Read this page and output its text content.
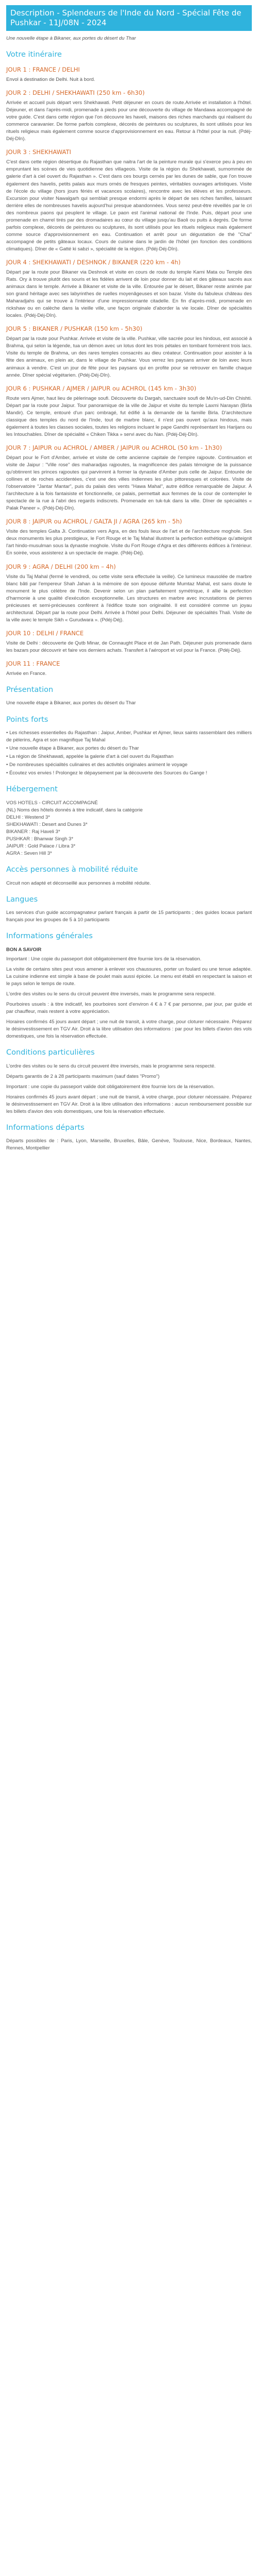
Description - Splendeurs de l'Inde du Nord - Spécial Fête de Pushkar - 11J/08N - 2024

Une nouvelle étape à Bikaner, aux portes du désert du Thar

Votre itinéraire
JOUR 1 : FRANCE / DELHI

Envol à destination de Delhi. Nuit à bord.

JOUR 2 : DELHI / SHEKHAWATI (250 km - 6h30)

Arrivée et accueil puis départ vers Shekhawati. Petit déjeuner en cours de route.Arrivée et installation à l'hôtel. Déjeuner, et dans l'après-midi, promenade à pieds pour une découverte du village de Mandawa accompagné de votre guide. C'est dans cette région que l'on découvre les haveli, maisons des riches marchands qui réalisent du commerce caravanier. De forme parfois complexe, décorés de peintures ou sculptures, ils sont utilisés pour les rituels religieux mais également comme source d'approvisionnement en eau. Retour à l'hôtel pour la nuit. (Pdéj-Déj-Dîn).

JOUR 3 : SHEKHAWATI

C'est dans cette région désertique du Rajasthan que naitra l'art de la peinture murale qui s'exerce peu à peu en empruntant les scènes de vies quotidienne des villageois. Visite de la région du Shekhawati, surnommée de galerie d'art à ciel ouvert du Rajasthan ». C'est dans ces bourgs cernés par les dunes de sable, que l'on trouve également des havelis, petits palais aux murs ornés de fresques peintes, véritables ouvrages artistiques. Visite de l'école du village (hors jours fériés et vacances scolaires), rencontre avec les élèves et les professeurs. Excursion pour visiter Nawalgarh qui semblait presque endormi après le départ de ses riches familles, laissant derrière elles de nombreuses havelis aujourd'hui presque abandonnées. Vous serez peut-être réveillés par le cri des nombreux paons qui peuplent le village. Le paon est l'animal national de l'Inde. Puis, départ pour une promenade en charrel tirés par des dromadaires au cœur du village jusqu'au Baoli ou puits à degrés. De forme parfois complexe, décorés de peintures ou sculptures, ils sont utilisés pour les rituels religieux mais également comme source d'approvisionnement en eau. Continuation et arrêt pour un dégustation de thé "Chai" accompagné de petits gâteaux locaux. Cours de cuisine dans le jardin de l'hôtel (en fonction des conditions climatiques). Dîner de « Gatté ki sabzi », spécialité de la région. (Pdéj-Déj-Dîn).

JOUR 4 : SHEKHAWATI / DESHNOK / BIKANER (220 km - 4h)

Départ par la route pour Bikaner via Deshnok et visite en cours de route du temple Karni Mata ou Temple des Rats. Ory à trouve plutôt des souris et les fidèles arrivent de loin pour donner du lait et des gâteaux sacrés aux animaux dans le temple. Arrivée à Bikaner et visite de la ville. Entourée par le désert, Bikaner reste animée par son grand héritage avec ses labyrinthes de ruelles moyenâgeuses et son bazar. Visite du fabuleux château des Maharadjahs qui se trouve à l'intérieur d'une impressionnante citadelle. En fin d'après-midi, promenade en rickshaw ou en calèche dans la vieille ville, une façon originale d'aborder la vie locale. Dîner de spécialités locales. (Pdéj-Déj-Dîn).

JOUR 5 : BIKANER / PUSHKAR (150 km - 5h30)

Départ par la route pour Pushkar. Arrivée et visite de la ville. Pushkar, ville sacrée pour les hindous, est associé à Brahma, qui selon la légende, tua un démon avec un lotus dont les trois pétales en tombant formèrent trois lacs. Visite du temple de Brahma, un des rares temples consacrés au dieu créateur. Continuation pour assister à la fête des animaux, en plein air, dans le village de Pushkar. Vous verrez les paysans arriver de loin avec leurs animaux à vendre. C'est un jour de fête pour les paysans qui en profite pour se retrouver en famille chaque année. Dîner spécial végétarien. (Pdéj-Déj-Dîn).

JOUR 6 : PUSHKAR / AJMER / JAIPUR ou ACHROL (145 km - 3h30)

Route vers Ajmer, haut lieu de pèlerinage soufi. Découverte du Dargah, sanctuaire soufi de Mu'in-ud-Din Chishti. Départ par la route pour Jaipur. Tour panoramique de la ville de Jaipur et visite du temple Laxmi Narayan (Birla Mandir). Ce temple, entouré d'un parc ombragé, fut édifié à la demande de la famille Birla. D'architecture classique des temples du nord de l'Inde, tout de marbre blanc, il n'est pas ouvert qu'aux hindous, mais également à toutes les classes sociales, toutes les religions incluant le pape Gandhi représentant les Harijans ou les Intouchables. Dîner de spécialité « Chiken Tikka » servi avec du Nan. (Pdéj-Déj-Dîn).

JOUR 7 : JAIPUR ou ACHROL / AMBER / JAIPUR ou ACHROL (50 km - 1h30)

Départ pour le Fort d'Amber, arrivée et visite de cette ancienne capitale de l'empire rajpoute. Continuation et visite de Jaipur : "Ville rose" des maharadjas rajpoutes, la magnificence des palais témoigne de la puissance qu'obtinrent les princes rajpoutes qui parvinrent à former la dynastie d'Amber puis celle de Jaipur. Entourée de collines et de roches accidentées, c'est une des villes indiennes les plus pittoresques et colorées. Visite de l'observatoire "Jantar Mantar", puis du palais des vents "Hawa Mahal", autre édifice remarquable de Jaipur. À l'architecture à la fois fantaisiste et fonctionnelle, ce palais, permettait aux femmes de la cour de contempler le spectacle de la rue à l'abri des regards indiscrets. Promenade en tuk-tuk dans la ville. Dîner de spécialités « Palak Paneer ». (Pdéj-Déj-Dîn).

JOUR 8 : JAIPUR ou ACHROL / GALTA JI / AGRA (265 km - 5h)

Visite des temples Galta Ji. Continuation vers Agra, en des fouls lieux de l'art et de l'architecture moghole. Ses deux monuments les plus prestigieux, le Fort Rouge et le Taj Mahal illustrent la perfection esthétique qu'atteignit l'art hindo-musulman sous la dynastie moghole. Visite du Fort Rouge d'Agra et des différents édifices à l'intérieur. En soirée, vous assisterez à un spectacle de magie. (Pdéj-Déj).

JOUR 9 : AGRA / DELHI (200 km – 4h)

Visite du Taj Mahal (fermé le vendredi, ou cette visite sera effectuée la veille). Ce lumineux mausolée de marbre blanc bâti par l'empereur Shah Jahan à la mémoire de son épouse défunte Mumtaz Mahal, est sans doute le monument le plus célèbre de l'Inde. Devenir selon un plan parfaitement symétrique, il allie la perfection d'harmonie à une qualité d'exécution exceptionnelle. Les structures en marbre avec incrustations de pierres précieuses et semi-précieuses confèrent à l'édifice toute son originalité. Il est considéré comme un joyau architectural. Départ par la route pour Delhi. Arrivée à l'hôtel pour Delhi. Déjeuner de spécialités Thali. Visite de la ville avec le temple Sikh « Gurudwara ». (Pdéj-Déj).

JOUR 10 : DELHI / FRANCE

Visite de Delhi : découverte de Qutb Minar, de Connaught Place et de Jan Path. Déjeuner puis promenade dans les bazars pour découvrir et faire vos derniers achats. Transfert à l'aéroport et vol pour la France. (Pdéj-Déj).

JOUR 11 : FRANCE

Arrivée en France.

Présentation

Une nouvelle étape à Bikaner, aux portes du désert du Thar

Points forts

• Les richesses essentielles du Rajasthan : Jaipur, Amber, Pushkar et Ajmer, lieux saints rassemblant des milliers de pèlerins, Agra et son magnifique Taj Mahal

• Une nouvelle étape à Bikaner, aux portes du désert du Thar

• La région de Shekhawati, appelée la galerie d'art à ciel ouvert du Rajasthan

• De nombreuses spécialités culinaires et des activités originales animent le voyage

• Écoutez vos envies ! Prolongez le dépaysement par la découverte des Sources du Gange !

Hébergement

VOS HOTELS - CIRCUIT ACCOMPAGNÉ

(NL) Noms des hôtels donnés à titre indicatif, dans la catégorie

DELHI : Westend 3*

SHEKHAWATI : Desert and Dunes 3*

BIKANER : Raj Haveli 3*

PUSHKAR : Bhanwar Singh 3*

JAIPUR : Gold Palace / Libra 3*

AGRA : Seven Hill 3*

Accès personnes à mobilité réduite

Circuit non adapté et déconseillé aux personnes à mobilité réduite.

Langues

Les services d'un guide accompagnateur parlant français à partir de 15 participants ; des guides locaux parlant français pour les groupes de 5 à 10 participants

Informations générales
BON A SAVOIR

Important : Une copie du passeport doit obligatoirement être fournie lors de la réservation.

La visite de certains sites peut vous amener à enlever vos chaussures, porter un foulard ou une tenue adaptée. La cuisine indienne est simple à base de poulet mais aussi épicée. Le menu est établi en respectant la saison et le pays selon le temps de route.

L'ordre des visites ou le sens du circuit peuvent être inversés, mais le programme sera respecté.

Pourboires usuels : à titre indicatif, les pourboires sont d'environ 4 € à 7 € par personne, par jour, par guide et par chauffeur, mais restent à votre appréciation.

Horaires confirmés 45 jours avant départ ; une nuit de transit, à votre charge, pour cloturer nécessaire. Préparez le désinvestissement en TGV Air. Droit à la libre utilisation des informations : par pour les billets d'avion des vols domestiques, une fois la réservation effectuée.

Conditions particulières

L'ordre des visites ou le sens du circuit peuvent être inversés, mais le programme sera respecté.

Départs garantis de 2 à 28 participants maximum (sauf dates "Promo")

Important : une copie du passeport valide doit obligatoirement être fournie lors de la réservation.

Horaires confirmés 45 jours avant départ ; une nuit de transit, à votre charge, pour cloturer nécessaire. Préparez le désinvestissement en TGV Air. Droit à la libre utilisation des informations : aucun remboursement possible sur les billets d'avion des vols domestiques, une fois la réservation effectuée.

Informations départs

Départs possibles de : Paris, Lyon, Marseille, Bruxelles, Bâle, Genève, Toulouse, Nice, Bordeaux, Nantes, Rennes, Montpellier
